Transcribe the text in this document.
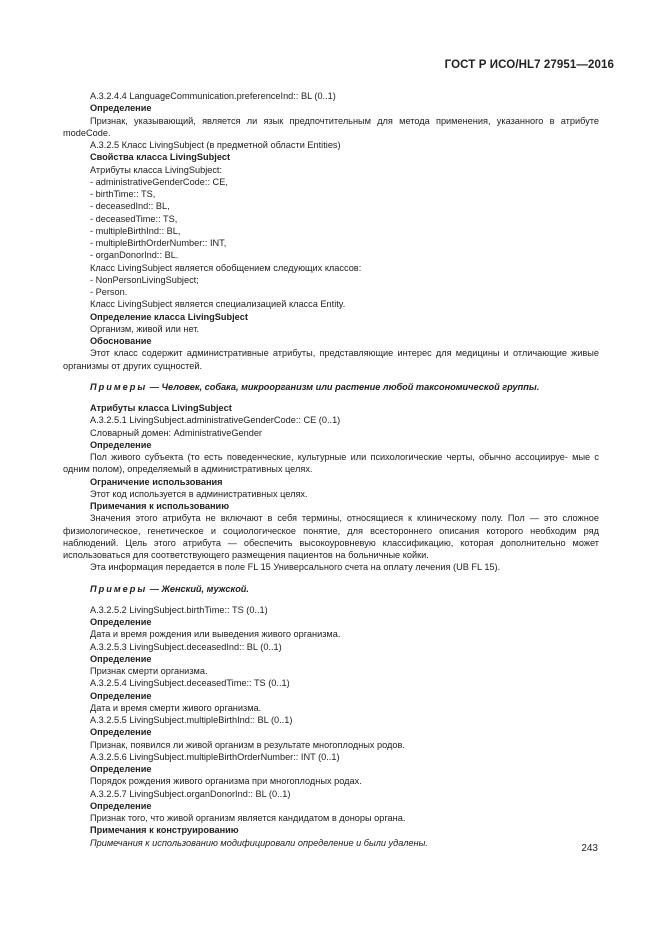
ГОСТ Р ИСО/HL7 27951—2016

A.3.2.4.4 LanguageCommunication.preferenceInd:: BL (0..1)

Определение

Признак, указывающий, является ли язык предпочтительным для метода применения, указанного в атрибуте modeCode.

A.3.2.5 Класс LivingSubject (в предметной области Entities)

Свойства класса LivingSubject

Атрибуты класса LivingSubject:

- administrativeGenderCode:: CE,

- birthTime:: TS,

- deceasedInd:: BL,

- deceasedTime:: TS,

- multipleBirthInd:: BL,

- multipleBirthOrderNumber:: INT,

- organDonorInd:: BL.

Класс LivingSubject является обобщением следующих классов:

- NonPersonLivingSubject;

- Person.

Класс LivingSubject является специализацией класса Entity.

Определение класса LivingSubject

Организм, живой или нет.

Обоснование

Этот класс содержит административные атрибуты, представляющие интерес для медицины и отличающие живые организмы от других сущностей.

Примеры — Человек, собака, микроорганизм или растение любой таксономической группы.

Атрибуты класса LivingSubject

A.3.2.5.1 LivingSubject.administrativeGenderCode:: CE (0..1)

Словарный домен: AdministrativeGender

Определение

Пол живого субъекта (то есть поведенческие, культурные или психологические черты, обычно ассоциируе- мые с одним полом), определяемый в административных целях.

Ограничение использования

Этот код используется в административных целях.

Примечания к использованию

Значения этого атрибута не включают в себя термины, относящиеся к клиническому полу. Пол — это сложное физиологическое, генетическое и социологическое понятие, для всестороннего описания которого необходим ряд наблюдений. Цель этого атрибута — обеспечить высокоуровневую классификацию, которая дополнительно может использоваться для соответствующего размещения пациентов на больничные койки.

Эта информация передается в поле FL 15 Универсального счета на оплату лечения (UB FL 15).

Примеры — Женский, мужской.

A.3.2.5.2 LivingSubject.birthTime:: TS (0..1)

Определение

Дата и время рождения или выведения живого организма.

A.3.2.5.3 LivingSubject.deceasedInd:: BL (0..1)

Определение

Признак смерти организма.

A.3.2.5.4 LivingSubject.deceasedTime:: TS (0..1)

Определение

Дата и время смерти живого организма.

A.3.2.5.5 LivingSubject.multipleBirthInd:: BL (0..1)

Определение

Признак, появился ли живой организм в результате многоплодных родов.

A.3.2.5.6 LivingSubject.multipleBirthOrderNumber:: INT (0..1)

Определение

Порядок рождения живого организма при многоплодных родах.

A.3.2.5.7 LivingSubject.organDonorInd:: BL (0..1)

Определение

Признак того, что живой организм является кандидатом в доноры органа.

Примечания к конструированию

Примечания к использованию модифицировали определение и были удалены.

243
